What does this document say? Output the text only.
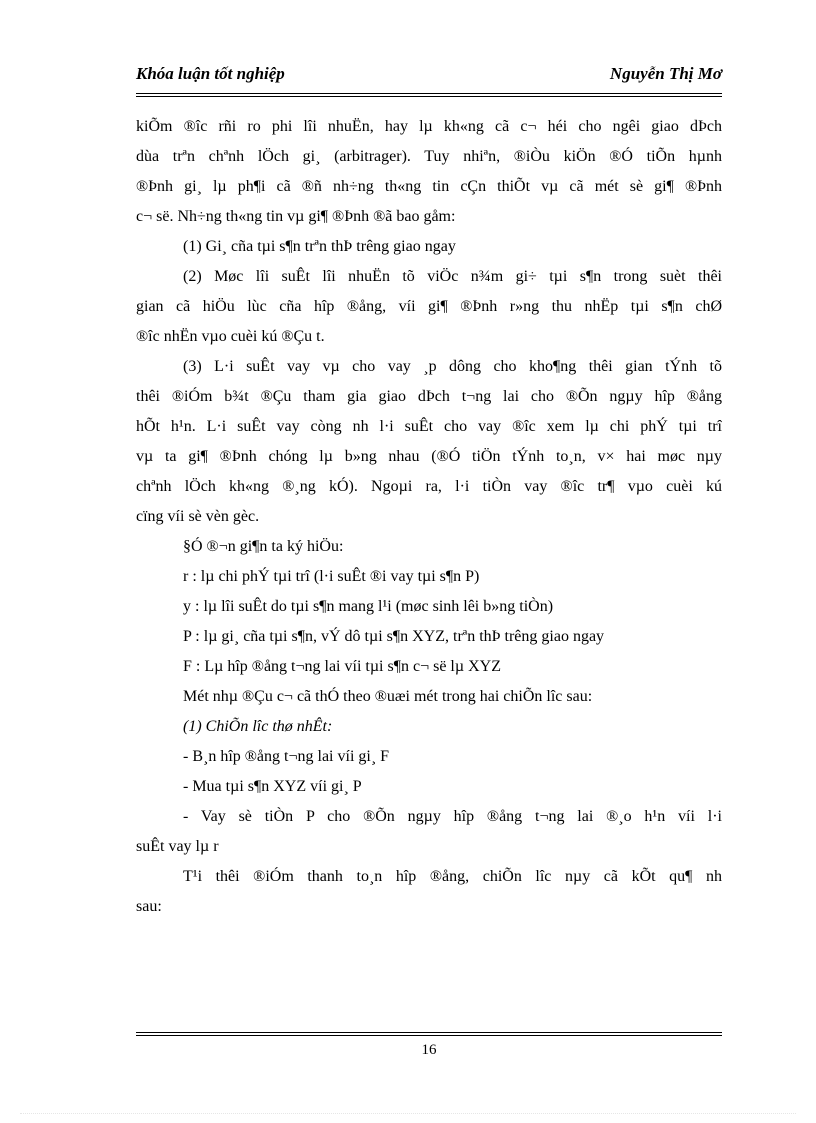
Khóa luận tốt nghiệp	Nguyễn Thị Mơ
kiÕm ®îc rñi ro phi lîi nhuËn, hay lµ kh«ng cã c¬ héi cho ngêi giao dÞch
dùa trªn chªnh lÖch gi¸ (arbitrager). Tuy nhiªn, ®iÒu kiÖn ®Ó tiÕn hµnh
®Þnh gi¸ lµ ph¶i cã ®ñ nh÷ng th«ng tin cÇn thiÕt vµ cã mét sè gi¶ ®Þnh
c¬ së. Nh÷ng th«ng tin vµ gi¶ ®Þnh ®ã bao gåm:
(1) Gi¸ cña tµi s¶n trªn thÞ trêng giao ngay
(2) Møc lîi suÊt lîi nhuËn tõ viÖc n¾m gi÷ tµi s¶n trong suèt thêi
gian cã hiÖu lùc cña hîp ®ång, víi gi¶ ®Þnh r»ng thu nhËp tµi s¶n chØ
®îc nhËn vµo cuèi kú ®Çu t.
(3) L·i suÊt vay vµ cho vay ¸p dông cho kho¶ng thêi gian tÝnh tõ
thêi ®iÓm b¾t ®Çu tham gia giao dÞch t¬ng lai cho ®Õn ngµy hîp ®ång
hÕt h¹n. L·i suÊt vay còng nh l·i suÊt cho vay ®îc xem lµ chi phÝ tµi trî
vµ ta gi¶ ®Þnh chóng lµ b»ng nhau (®Ó tiÖn tÝnh to¸n, v× hai møc nµy
chªnh lÖch kh«ng ®¸ng kÓ). Ngoµi ra, l·i tiÒn vay ®îc tr¶ vµo cuèi kú
cïng víi sè vèn gèc.
§Ó ®¬n gi¶n ta ký hiÖu:
r : lµ chi phÝ tµi trî (l·i suÊt ®i vay tµi s¶n P)
y : lµ lîi suÊt do tµi s¶n mang l¹i (møc sinh lêi b»ng tiÒn)
P : lµ gi¸ cña tµi s¶n, vÝ dô tµi s¶n XYZ, trªn thÞ trêng giao ngay
F : Lµ hîp ®ång t¬ng lai víi tµi s¶n c¬ së lµ XYZ
Mét nhµ ®Çu c¬ cã thÓ theo ®uæi mét trong hai chiÕn lîc sau:
(1) ChiÕn lîc thø nhÊt:
- B¸n hîp ®ång t¬ng lai víi gi¸ F
- Mua tµi s¶n XYZ víi gi¸ P
- Vay sè tiÒn P cho ®Õn ngµy hîp ®ång t¬ng lai ®¸o h¹n víi l·i
suÊt vay lµ r
T¹i thêi ®iÓm thanh to¸n hîp ®ång, chiÕn lîc nµy cã kÕt qu¶ nh
sau:
16
